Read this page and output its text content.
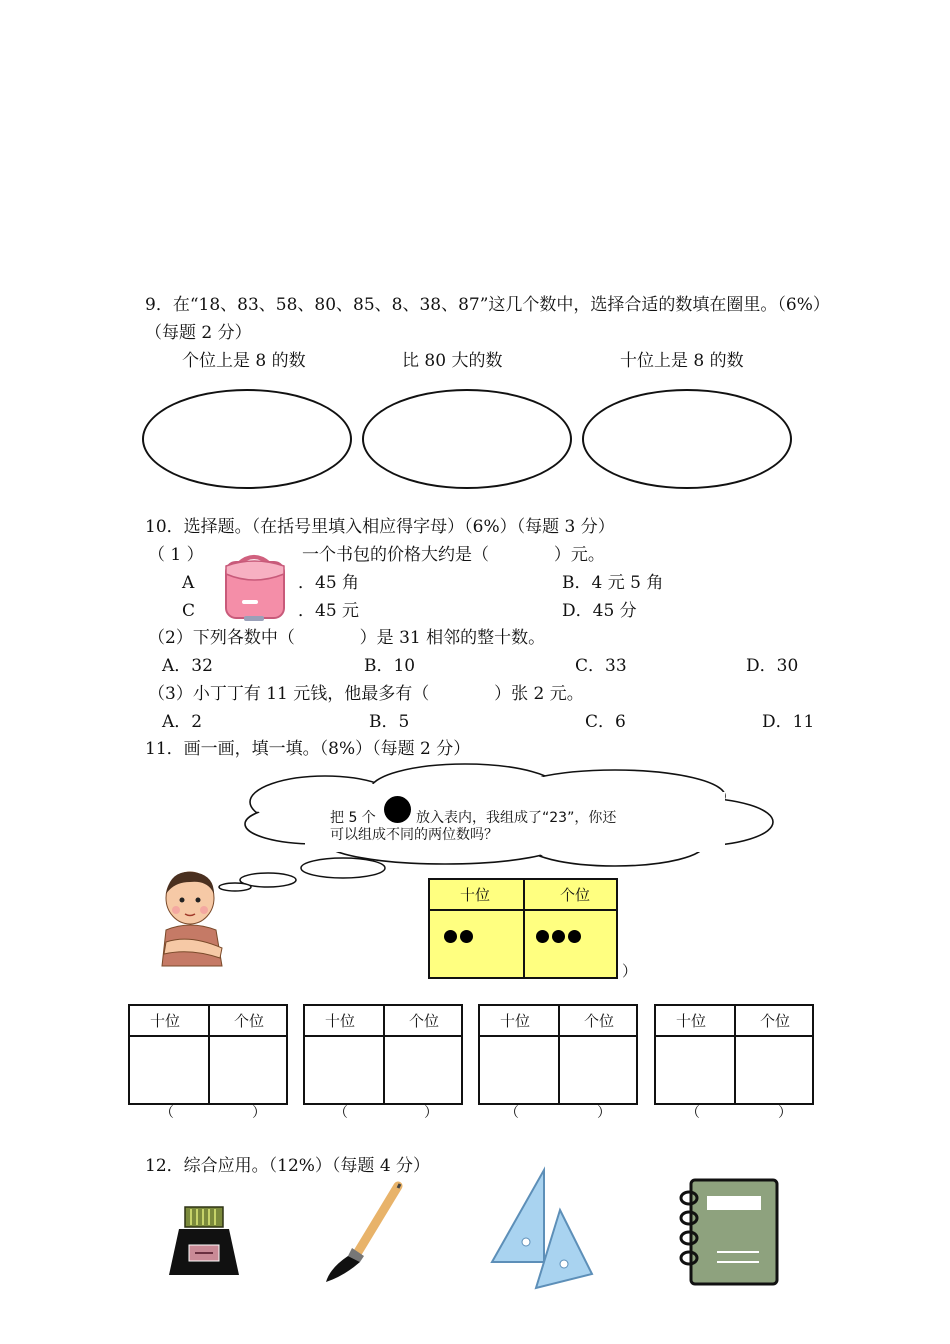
9．在“18、83、58、80、85、8、38、87”这几个数中，选择合适的数填在圈里。（6%）
（每题 2 分）
个位上是 8 的数	比 80 大的数	十位上是 8 的数
10．选择题。（在括号里填入相应得字母）（6%）（每题 3 分）
（ 1 ）	一个书包的价格大约是（            ）元。
A	．45 角	B．4 元 5 角
C	．45 元	D．45 分
（2）下列各数中（            ）是 31 相邻的整十数。
A．32	B．10	C．33	D．30
（3）小丁丁有 11 元钱，他最多有（            ）张 2 元。
A．2	B．5	C．6	D．11
11．画一画，填一填。（8%）（每题 2 分）
把 5 个	放入表内，我组成了“23”，你还
可以组成不同的两位数吗？
十位	个位
）
十位	个位	十位	个位	十位	个位	十位	个位
（	）	（	）	（	）	（	）
12．综合应用。（12%）（每题 4 分）
